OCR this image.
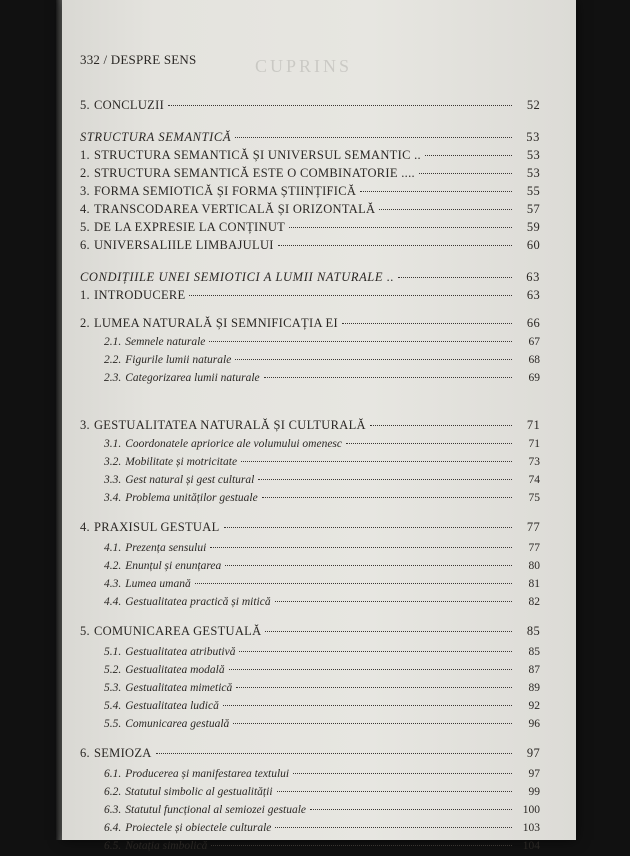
CUPRINS
332 / DESPRE SENS
5. CONCLUZII	52
STRUCTURA SEMANTICĂ	53
1. STRUCTURA SEMANTICĂ ȘI UNIVERSUL SEMANTIC ..	53
2. STRUCTURA SEMANTICĂ ESTE O COMBINATORIE ....	53
3. FORMA SEMIOTICĂ ȘI FORMA ȘTIINȚIFICĂ	55
4. TRANSCODAREA VERTICALĂ ȘI ORIZONTALĂ	57
5. DE LA EXPRESIE LA CONȚINUT	59
6. UNIVERSALIILE LIMBAJULUI	60
CONDIȚIILE UNEI SEMIOTICI A LUMII NATURALE ..	63
1. INTRODUCERE	63
2. LUMEA NATURALĂ ȘI SEMNIFICAȚIA EI	66
2.1. Semnele naturale	67
2.2. Figurile lumii naturale	68
2.3. Categorizarea lumii naturale	69
3. GESTUALITATEA NATURALĂ ȘI CULTURALĂ	71
3.1. Coordonatele apriorice ale volumului omenesc	71
3.2. Mobilitate și motricitate	73
3.3. Gest natural și gest cultural	74
3.4. Problema unităților gestuale	75
4. PRAXISUL GESTUAL	77
4.1. Prezența sensului	77
4.2. Enunțul și enunțarea	80
4.3. Lumea umană	81
4.4. Gestualitatea practică și mitică	82
5. COMUNICAREA GESTUALĂ	85
5.1. Gestualitatea atributivă	85
5.2. Gestualitatea modală	87
5.3. Gestualitatea mimetică	89
5.4. Gestualitatea ludică	92
5.5. Comunicarea gestuală	96
6. SEMIOZA	97
6.1. Producerea și manifestarea textului	97
6.2. Statutul simbolic al gestualității	99
6.3. Statutul funcțional al semiozei gestuale	100
6.4. Proiectele și obiectele culturale	103
6.5. Notația simbolică	104
